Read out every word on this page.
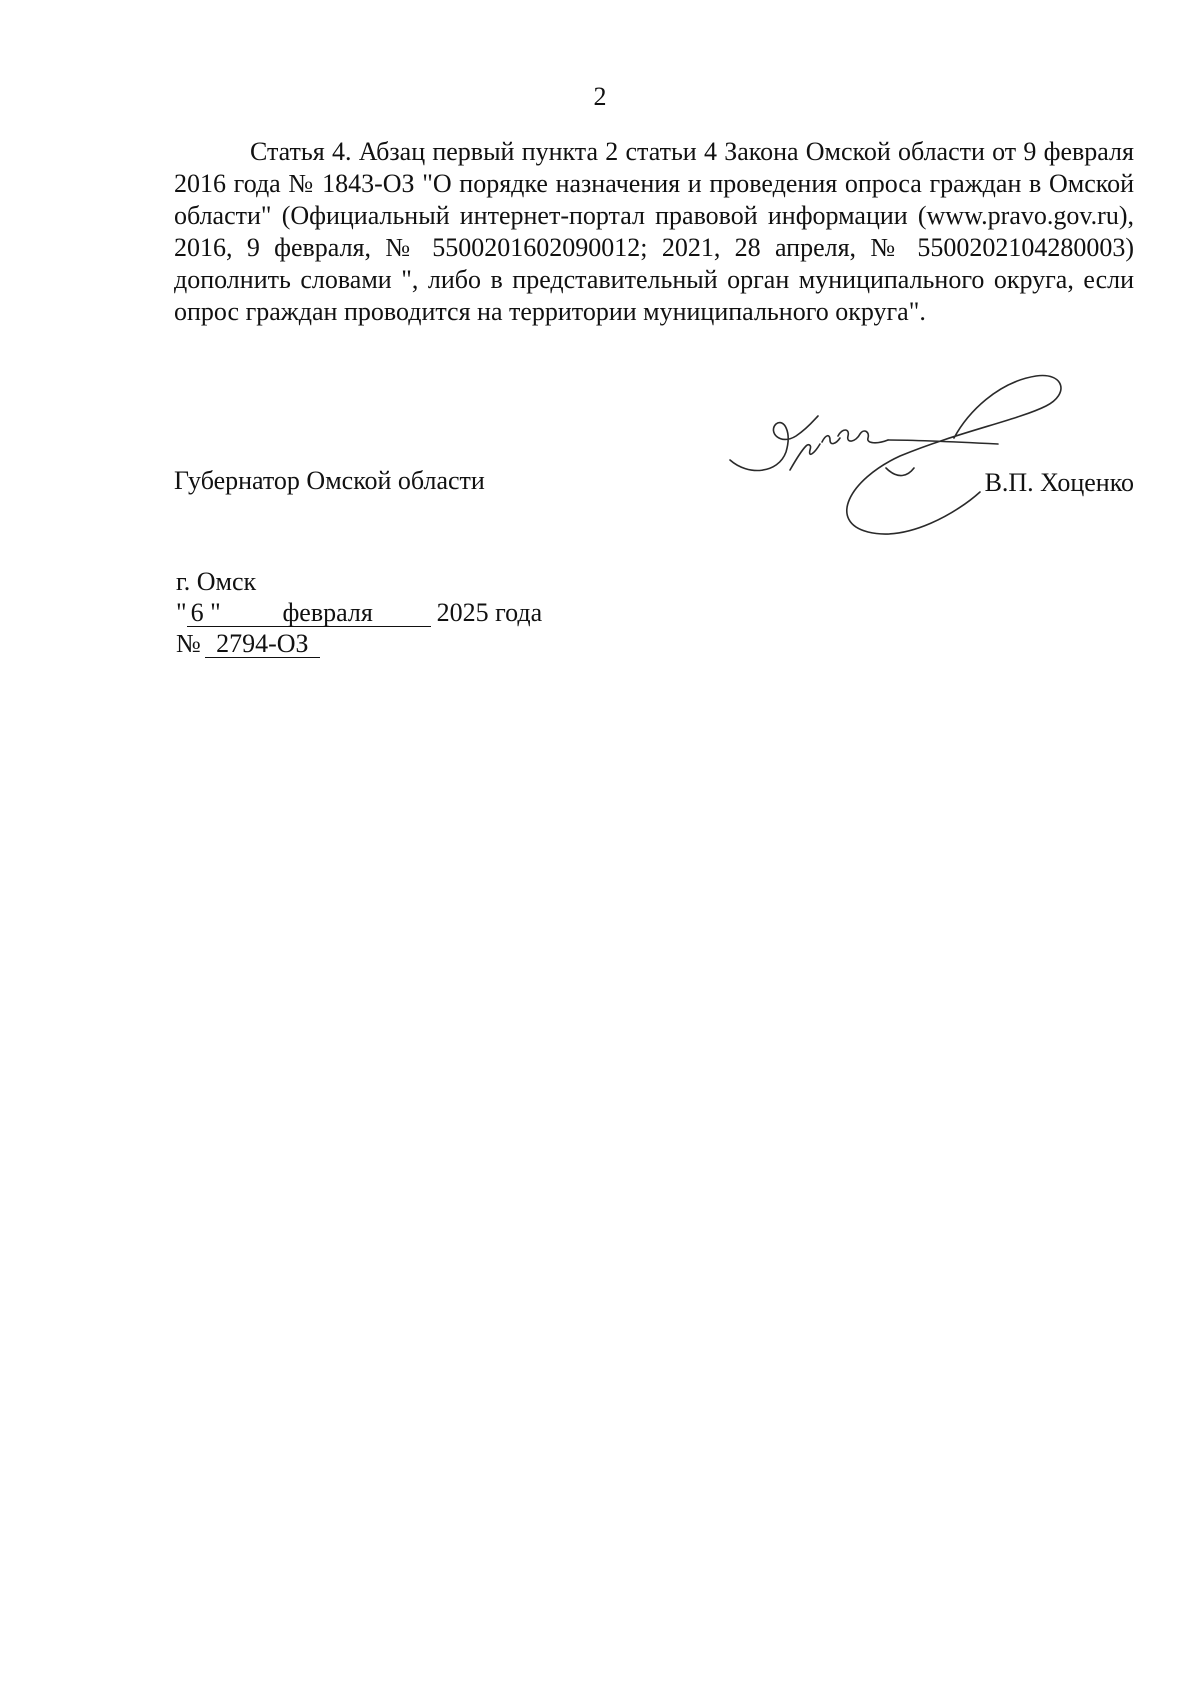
2

Статья 4. Абзац первый пункта 2 статьи 4 Закона Омской области от 9 февраля 2016 года № 1843-ОЗ "О порядке назначения и проведения опроса граждан в Омской области" (Официальный интернет-портал правовой информации (www.pravo.gov.ru), 2016, 9 февраля, № 5500201602090012; 2021, 28 апреля, № 5500202104280003) дополнить словами ", либо в представительный орган муниципального округа, если опрос граждан проводится на территории муниципального округа".

Губернатор Омской области	В.П. Хоценко
г. Омск
" 6 " февраля 2025 года
№ 2794-ОЗ
